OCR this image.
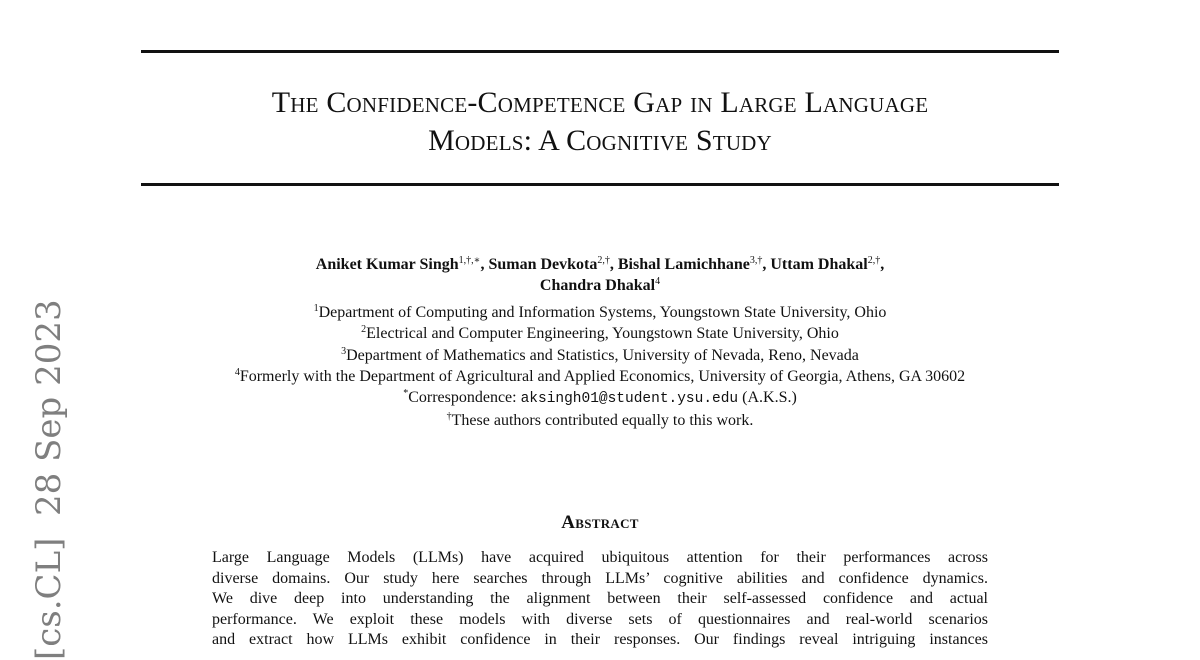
The Confidence-Competence Gap in Large Language
Models: A Cognitive Study
Aniket Kumar Singh$^{1,\dagger,∗}$, Suman Devkota$^{2,\dagger}$, Bishal Lamichhane$^{3,\dagger}$, Uttam Dhakal$^{2,\dagger}$,
Chandra Dhakal$^4$
$^1$Department of Computing and Information Systems, Youngstown State University, Ohio
$^2$Electrical and Computer Engineering, Youngstown State University, Ohio
$^3$Department of Mathematics and Statistics, University of Nevada, Reno, Nevada
$^4$Formerly with the Department of Agricultural and Applied Economics, University of Georgia, Athens, GA 30602
*Correspondence: aksingh01@student.ysu.edu (A.K.S.)
†These authors contributed equally to this work.
Abstract
Large Language Models (LLMs) have acquired ubiquitous attention for their performances across
diverse domains. Our study here searches through LLMs’ cognitive abilities and confidence dynamics.
We dive deep into understanding the alignment between their self-assessed confidence and actual
performance. We exploit these models with diverse sets of questionnaires and real-world scenarios
and extract how LLMs exhibit confidence in their responses. Our findings reveal intriguing instances
[cs.CL]  28 Sep 2023
